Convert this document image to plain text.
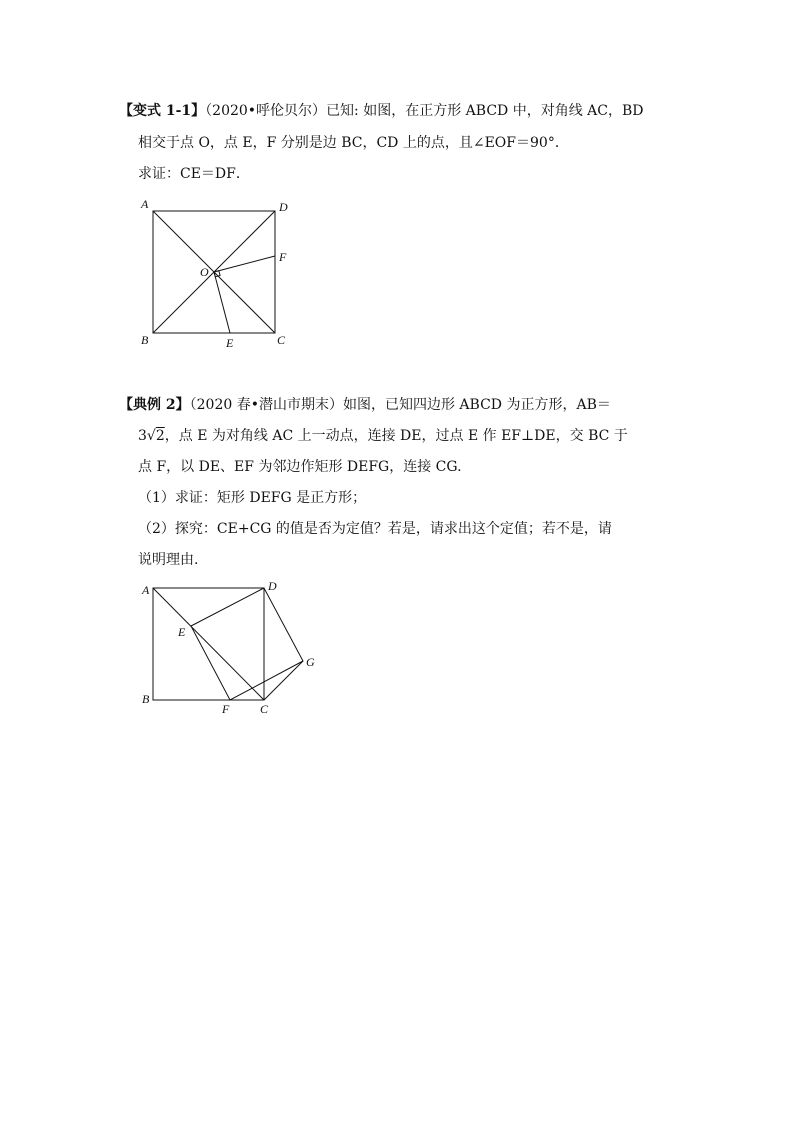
【变式 1-1】（2020•呼伦贝尔）已知: 如图，在正方形 ABCD 中，对角线 AC，BD
相交于点 O，点 E，F 分别是边 BC，CD 上的点，且∠EOF＝90°．
求证：CE＝DF．
A	D
F
O
B	E	C
【典例 2】（2020 春•潜山市期末）如图，已知四边形 ABCD 为正方形，AB＝
3√2，点 E 为对角线 AC 上一动点，连接 DE，过点 E 作 EF⊥DE，交 BC 于
点 F，以 DE、EF 为邻边作矩形 DEFG，连接 CG.
（1）求证：矩形 DEFG 是正方形；
（2）探究：CE+CG 的值是否为定值？若是，请求出这个定值；若不是，请
说明理由.
A	D
E
G
B
F	C
